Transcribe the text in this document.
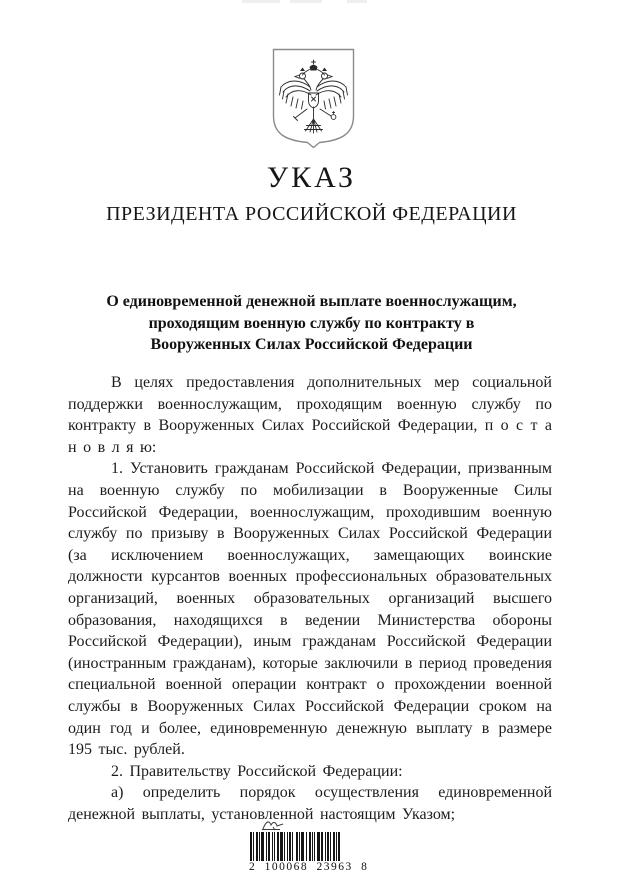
УКАЗ
ПРЕЗИДЕНТА РОССИЙСКОЙ ФЕДЕРАЦИИ
О единовременной денежной выплате военнослужащим,
проходящим военную службу по контракту в
Вооруженных Силах Российской Федерации

В целях предоставления дополнительных мер социальной поддержки военнослужащим, проходящим военную службу по контракту в Вооруженных Силах Российской Федерации, п о с т а н о в л я ю:

1. Установить гражданам Российской Федерации, призванным на военную службу по мобилизации в Вооруженные Силы Российской Федерации, военнослужащим, проходившим военную службу по призыву в Вооруженных Силах Российской Федерации (за исключением военнослужащих, замещающих воинские должности курсантов военных профессиональных образовательных организаций, военных образовательных организаций высшего образования, находящихся в ведении Министерства обороны Российской Федерации), иным гражданам Российской Федерации (иностранным гражданам), которые заключили в период проведения специальной военной операции контракт о прохождении военной службы в Вооруженных Силах Российской Федерации сроком на один год и более, единовременную денежную выплату в размере 195 тыс. рублей.

2. Правительству Российской Федерации:

а) определить порядок осуществления единовременной денежной выплаты, установленной настоящим Указом;

2 100068 23963 8
